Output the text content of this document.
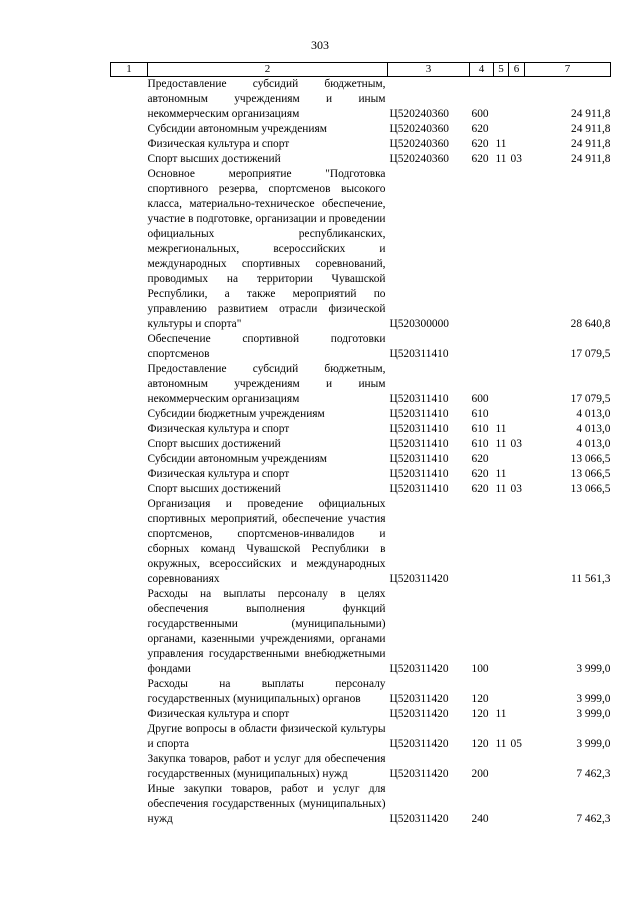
303
1	2	3	4	5	6	7
	Предоставление субсидий бюджетным, автономным учреждениям и иным некоммерческим организациям	Ц520240360	600			24 911,8
	Субсидии автономным учреждениям	Ц520240360	620			24 911,8
	Физическая культура и спорт	Ц520240360	620	11		24 911,8
	Спорт высших достижений	Ц520240360	620	11	03	24 911,8
	Основное мероприятие "Подготовка спортивного резерва, спортсменов высокого класса, материально-техническое обеспечение, участие в подготовке, организации и проведении официальных республиканских, межрегиональных, всероссийских и международных спортивных соревнований, проводимых на территории Чувашской Республики, а также мероприятий по управлению развитием отрасли физической культуры и спорта"	Ц520300000				28 640,8
	Обеспечение спортивной подготовки спортсменов	Ц520311410				17 079,5
	Предоставление субсидий бюджетным, автономным учреждениям и иным некоммерческим организациям	Ц520311410	600			17 079,5
	Субсидии бюджетным учреждениям	Ц520311410	610			4 013,0
	Физическая культура и спорт	Ц520311410	610	11		4 013,0
	Спорт высших достижений	Ц520311410	610	11	03	4 013,0
	Субсидии автономным учреждениям	Ц520311410	620			13 066,5
	Физическая культура и спорт	Ц520311410	620	11		13 066,5
	Спорт высших достижений	Ц520311410	620	11	03	13 066,5
	Организация и проведение официальных спортивных мероприятий, обеспечение участия спортсменов, спортсменов-инвалидов и сборных команд Чувашской Республики в окружных, всероссийских и международных соревнованиях	Ц520311420				11 561,3
	Расходы на выплаты персоналу в целях обеспечения выполнения функций государственными (муниципальными) органами, казенными учреждениями, органами управления государственными внебюджетными фондами	Ц520311420	100			3 999,0
	Расходы на выплаты персоналу государственных (муниципальных) органов	Ц520311420	120			3 999,0
	Физическая культура и спорт	Ц520311420	120	11		3 999,0
	Другие вопросы в области физической культуры и спорта	Ц520311420	120	11	05	3 999,0
	Закупка товаров, работ и услуг для обеспечения государственных (муниципальных) нужд	Ц520311420	200			7 462,3
	Иные закупки товаров, работ и услуг для обеспечения государственных (муниципальных) нужд	Ц520311420	240			7 462,3
